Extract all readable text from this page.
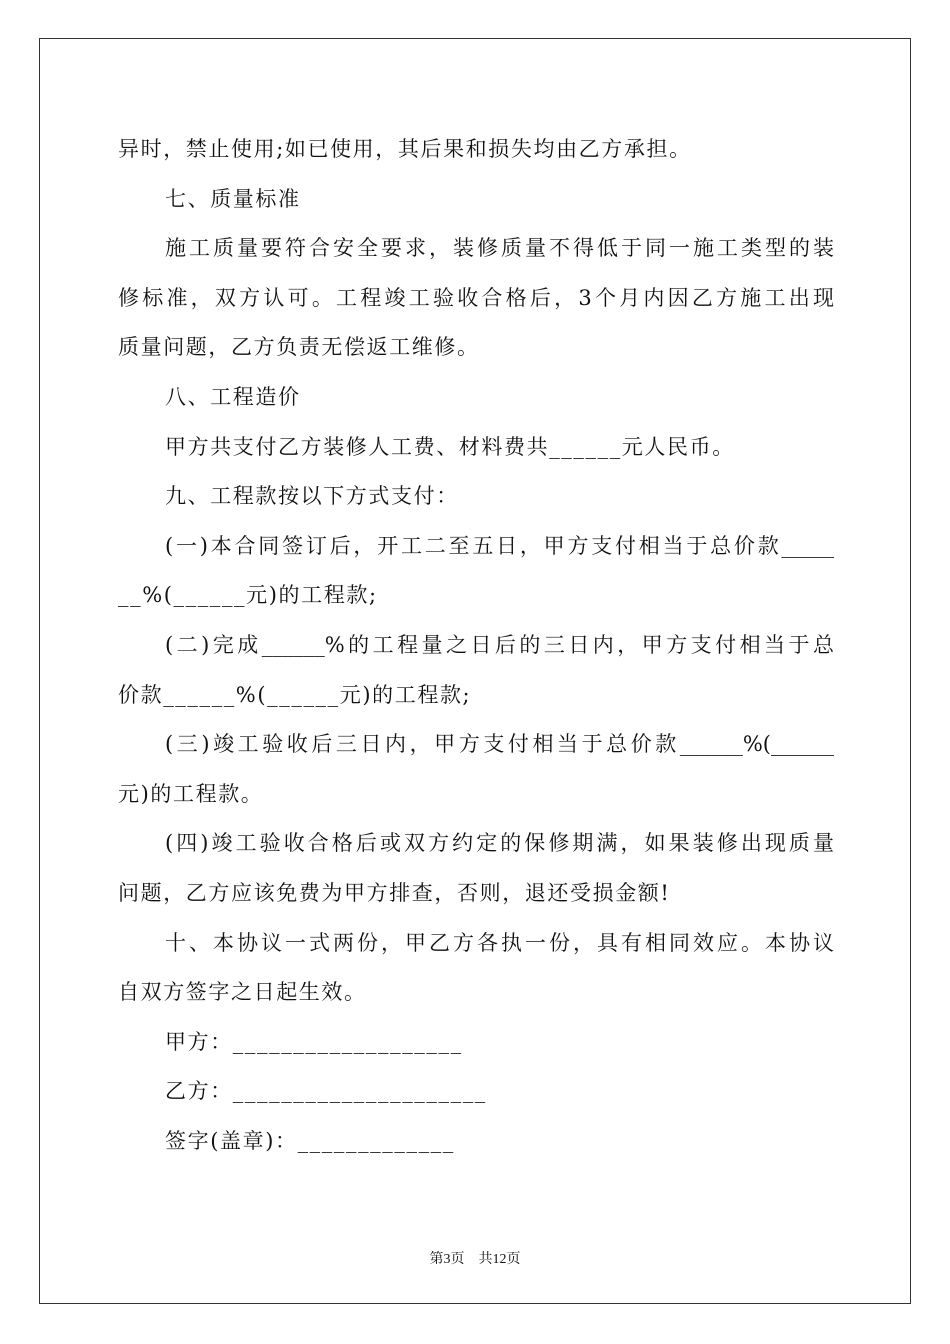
异时，禁止使用;如已使用，其后果和损失均由乙方承担。
七、质量标准
施工质量要符合安全要求，装修质量不得低于同一施工类型的装
修标准，双方认可。工程竣工验收合格后，3个月内因乙方施工出现
质量问题，乙方负责无偿返工维修。
八、工程造价
甲方共支付乙方装修人工费、材料费共______元人民币。
九、工程款按以下方式支付：
(一)本合同签订后，开工二至五日，甲方支付相当于总价款_____
__%(______元)的工程款;
(二)完成______%的工程量之日后的三日内，甲方支付相当于总
价款______%(______元)的工程款;
(三)竣工验收后三日内，甲方支付相当于总价款______%(______
元)的工程款。
(四)竣工验收合格后或双方约定的保修期满，如果装修出现质量
问题，乙方应该免费为甲方排查，否则，退还受损金额!
十、本协议一式两份，甲乙方各执一份，具有相同效应。本协议
自双方签字之日起生效。
甲方：___________________
乙方：_____________________
签字(盖章)：_____________
第3页 共12页
